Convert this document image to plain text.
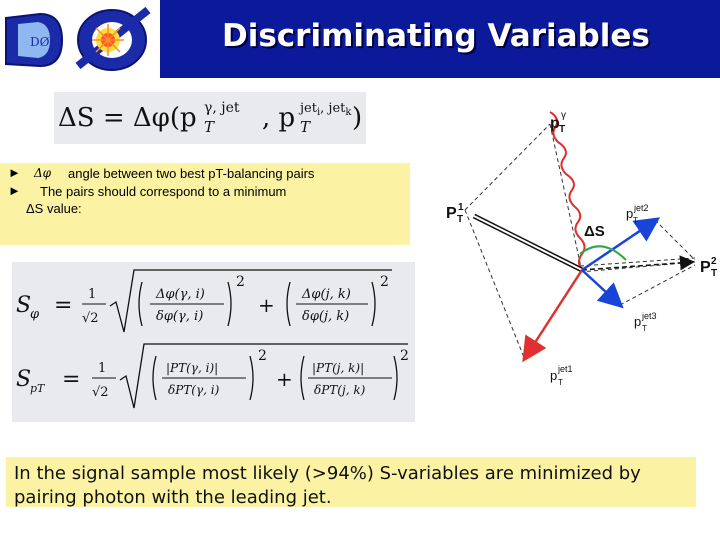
DØ	Discriminating Variables
ΔS = Δφ(p T
γ, jet , p T
jet$_i$, jet$_k$ )
► Δφ angle between two best pT-balancing pairs
► The pairs should correspond to a minimum
ΔS value:
S
φ = 1
√2
Δφ(γ, i)
δφ(γ, i)
2
+ Δφ(j, k)
δφ(j, k)
2
S
pT = 1
√2
|PT(γ, i)|
δPT(γ, i)
2
+ |PT(j, k)|
δPT(j, k)
2
p T
γ
P T
1
P T
2
p T
jet2
p T
jet3
p T
jet1
ΔS
In the signal sample most likely (>94%) S-variables are minimized by
pairing photon with the leading jet.
